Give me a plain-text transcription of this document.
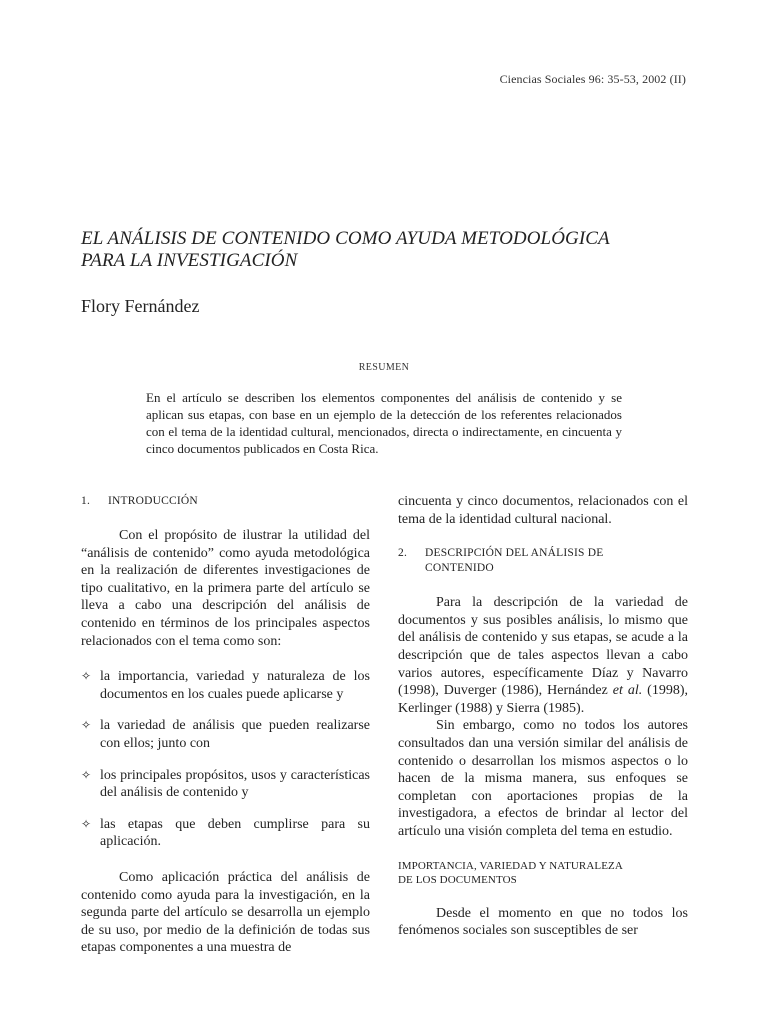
Ciencias Sociales 96: 35-53, 2002 (II)
EL ANÁLISIS DE CONTENIDO COMO AYUDA METODOLÓGICA
PARA LA INVESTIGACIÓN
Flory Fernández
RESUMEN
En el artículo se describen los elementos componentes del análisis de contenido y se aplican sus etapas, con base en un ejemplo de la detección de los referentes relacionados con el tema de la identidad cultural, mencionados, directa o indirectamente, en cincuenta y cinco documentos publicados en Costa Rica.
1.	INTRODUCCIÓN

Con el propósito de ilustrar la utilidad del “análisis de contenido” como ayuda metodológica en la realización de diferentes investigaciones de tipo cualitativo, en la primera parte del artículo se lleva a cabo una descripción del análisis de contenido en términos de los principales aspectos relacionados con el tema como son:

✧ la importancia, variedad y naturaleza de los documentos en los cuales puede aplicarse y
✧ la variedad de análisis que pueden realizarse con ellos; junto con
✧ los principales propósitos, usos y características del análisis de contenido y
✧ las etapas que deben cumplirse para su aplicación.

Como aplicación práctica del análisis de contenido como ayuda para la investigación, en la segunda parte del artículo se desarrolla un ejemplo de su uso, por medio de la definición de todas sus etapas componentes a una muestra de

cincuenta y cinco documentos, relacionados con el tema de la identidad cultural nacional.

2.	DESCRIPCIÓN DEL ANÁLISIS DE
CONTENIDO

Para la descripción de la variedad de documentos y sus posibles análisis, lo mismo que del análisis de contenido y sus etapas, se acude a la descripción que de tales aspectos llevan a cabo varios autores, específicamente Díaz y Navarro (1998), Duverger (1986), Hernández et al. (1998), Kerlinger (1988) y Sierra (1985).

Sin embargo, como no todos los autores consultados dan una versión similar del análisis de contenido o desarrollan los mismos aspectos o lo hacen de la misma manera, sus enfoques se completan con aportaciones propias de la investigadora, a efectos de brindar al lector del artículo una visión completa del tema en estudio.

IMPORTANCIA, VARIEDAD Y NATURALEZA
DE LOS DOCUMENTOS

Desde el momento en que no todos los fenómenos sociales son susceptibles de ser
